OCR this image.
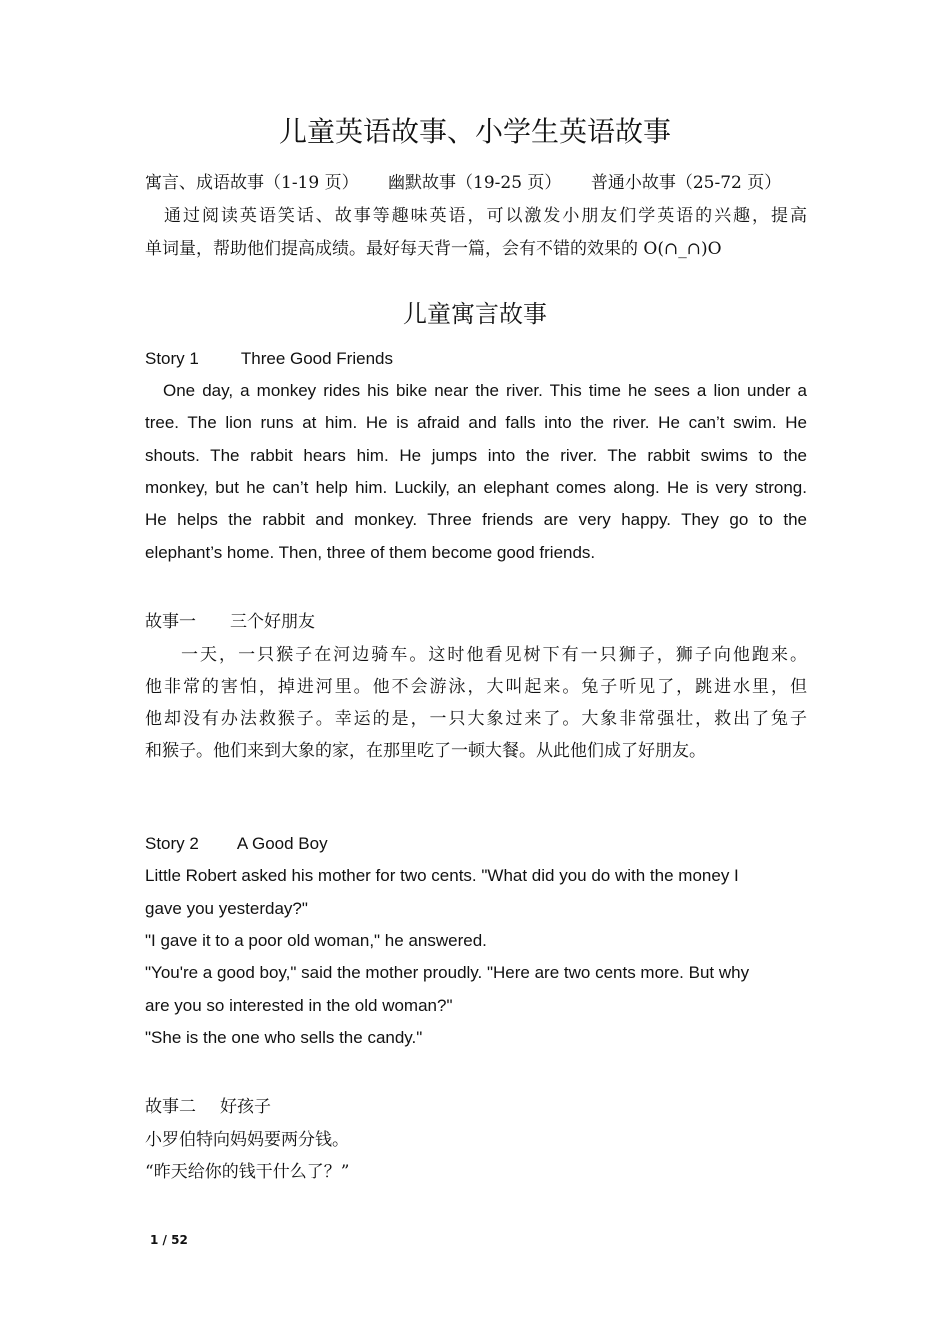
儿童英语故事、小学生英语故事
寓言、成语故事（1-19 页） 幽默故事（19-25 页） 普通小故事（25-72 页）
通过阅读英语笑话、故事等趣味英语，可以激发小朋友们学英语的兴趣，提高
单词量，帮助他们提高成绩。最好每天背一篇，会有不错的效果的 O(∩_∩)O
儿童寓言故事
Story 1 Three Good Friends
One day, a monkey rides his bike near the river. This time he sees a lion under a
tree. The lion runs at him. He is afraid and falls into the river. He can’t swim. He
shouts. The rabbit hears him. He jumps into the river. The rabbit swims to the
monkey, but he can’t help him. Luckily, an elephant comes along. He is very strong.
He helps the rabbit and monkey. Three friends are very happy. They go to the
elephant’s home. Then, three of them become good friends.
故事一 三个好朋友
一天，一只猴子在河边骑车。这时他看见树下有一只狮子，狮子向他跑来。
他非常的害怕，掉进河里。他不会游泳，大叫起来。兔子听见了，跳进水里，但
他却没有办法救猴子。幸运的是，一只大象过来了。大象非常强壮，救出了兔子
和猴子。他们来到大象的家，在那里吃了一顿大餐。从此他们成了好朋友。
Story 2 A Good Boy
Little Robert asked his mother for two cents. "What did you do with the money I
gave you yesterday?"
"I gave it to a poor old woman," he answered.
"You're a good boy," said the mother proudly. "Here are two cents more. But why
are you so interested in the old woman?"
"She is the one who sells the candy."
故事二 好孩子
小罗伯特向妈妈要两分钱。
“昨天给你的钱干什么了？”
1 / 52
